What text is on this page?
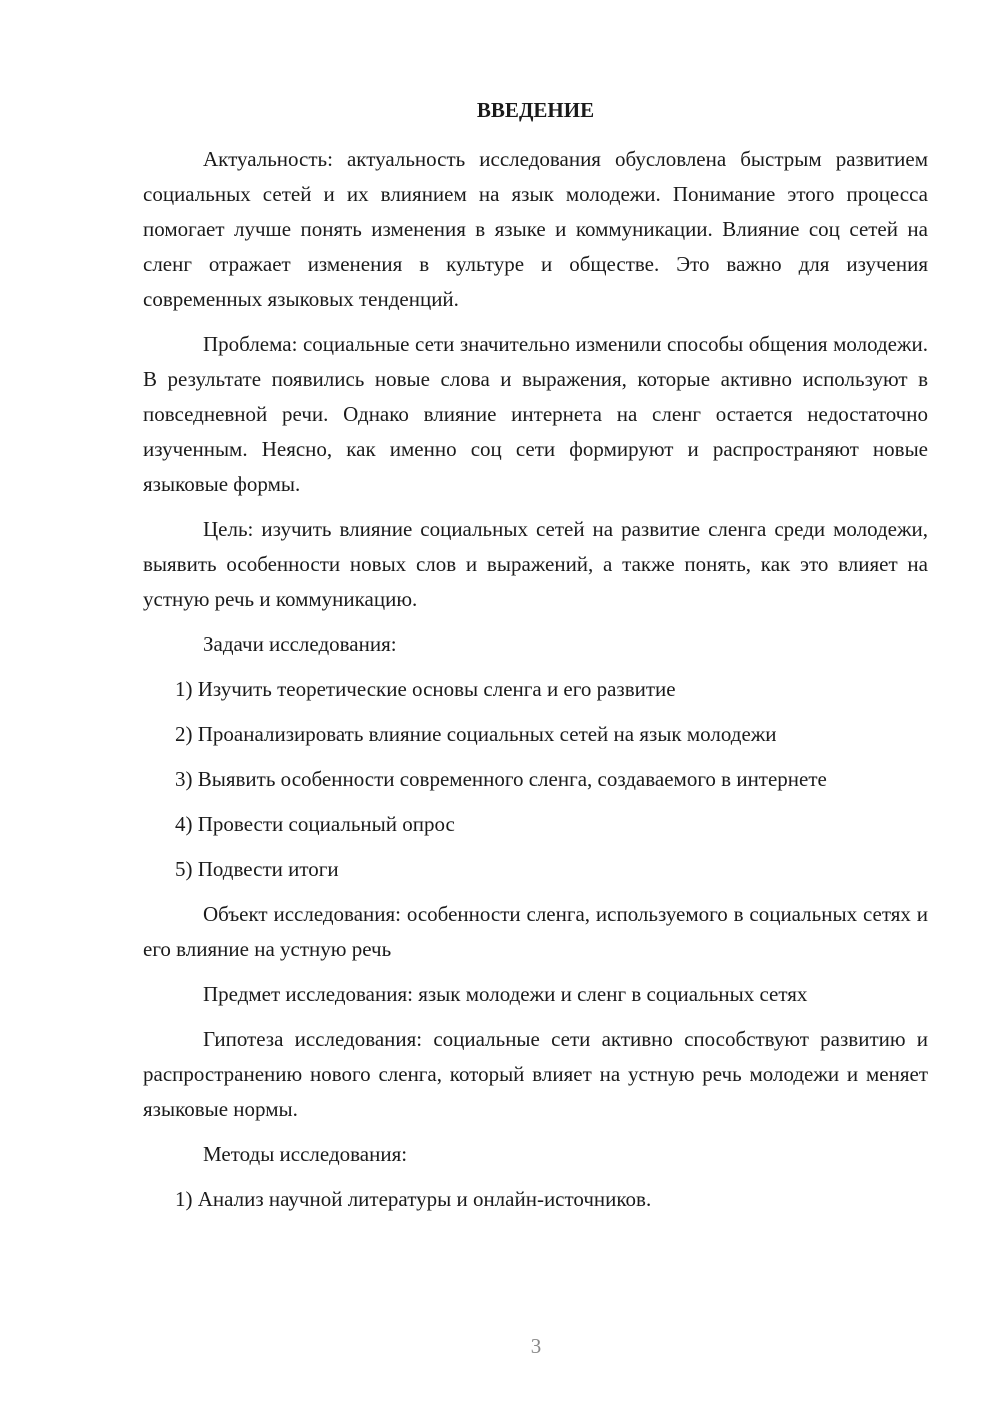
ВВЕДЕНИЕ

Актуальность: актуальность исследования обусловлена быстрым развитием социальных сетей и их влиянием на язык молодежи. Понимание этого процесса помогает лучше понять изменения в языке и коммуникации. Влияние соц сетей на сленг отражает изменения в культуре и обществе. Это важно для изучения современных языковых тенденций.

Проблема: социальные сети значительно изменили способы общения молодежи. В результате появились новые слова и выражения, которые активно используют в повседневной речи. Однако влияние интернета на сленг остается недостаточно изученным. Неясно, как именно соц сети формируют и распространяют новые языковые формы.

Цель: изучить влияние социальных сетей на развитие сленга среди молодежи, выявить особенности новых слов и выражений, а также понять, как это влияет на устную речь и коммуникацию.

Задачи исследования:

1) Изучить теоретические основы сленга и его развитие

2) Проанализировать влияние социальных сетей на язык молодежи

3) Выявить особенности современного сленга, создаваемого в интернете

4) Провести социальный опрос

5) Подвести итоги

Объект исследования: особенности сленга, используемого в социальных сетях и его влияние на устную речь

Предмет исследования: язык молодежи и сленг в социальных сетях

Гипотеза исследования: социальные сети активно способствуют развитию и распространению нового сленга, который влияет на устную речь молодежи и меняет языковые нормы.

Методы исследования:

1) Анализ научной литературы и онлайн-источников.

3
